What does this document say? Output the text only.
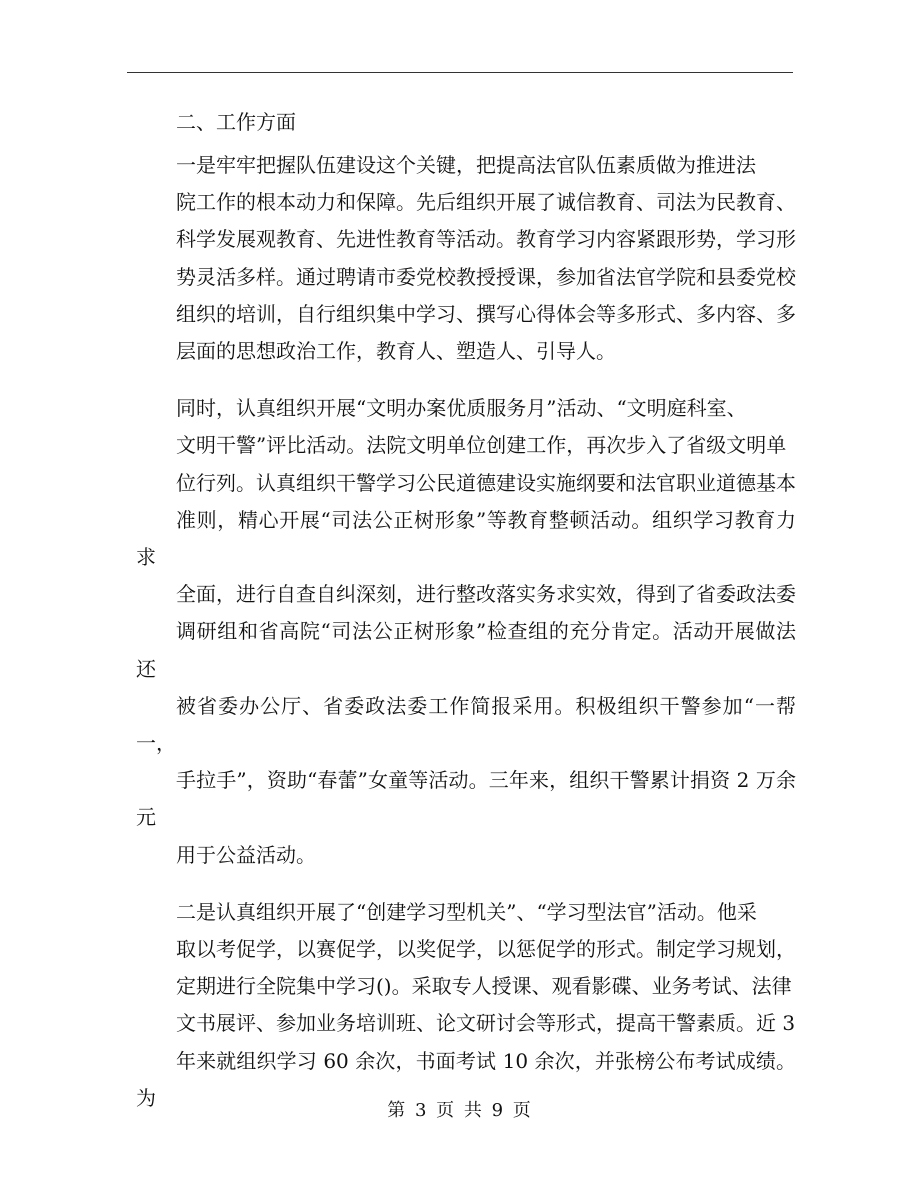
二、工作方面
一是牢牢把握队伍建设这个关键，把提高法官队伍素质做为推进法
院工作的根本动力和保障。先后组织开展了诚信教育、司法为民教育、
科学发展观教育、先进性教育等活动。教育学习内容紧跟形势，学习形
势灵活多样。通过聘请市委党校教授授课，参加省法官学院和县委党校
组织的培训，自行组织集中学习、撰写心得体会等多形式、多内容、多
层面的思想政治工作，教育人、塑造人、引导人。
同时，认真组织开展“文明办案优质服务月”活动、“文明庭科室、
文明干警”评比活动。法院文明单位创建工作，再次步入了省级文明单
位行列。认真组织干警学习公民道德建设实施纲要和法官职业道德基本
准则，精心开展“司法公正树形象”等教育整顿活动。组织学习教育力求
全面，进行自查自纠深刻，进行整改落实务求实效，得到了省委政法委
调研组和省高院“司法公正树形象”检查组的充分肯定。活动开展做法还
被省委办公厅、省委政法委工作简报采用。积极组织干警参加“一帮一，
手拉手”，资助“春蕾”女童等活动。三年来，组织干警累计捐资 2 万余元
用于公益活动。
二是认真组织开展了“创建学习型机关”、“学习型法官”活动。他采
取以考促学，以赛促学，以奖促学，以惩促学的形式。制定学习规划，
定期进行全院集中学习()。采取专人授课、观看影碟、业务考试、法律
文书展评、参加业务培训班、论文研讨会等形式，提高干警素质。近 3
年来就组织学习 60 余次，书面考试 10 余次，并张榜公布考试成绩。为
第 3 页 共 9 页
